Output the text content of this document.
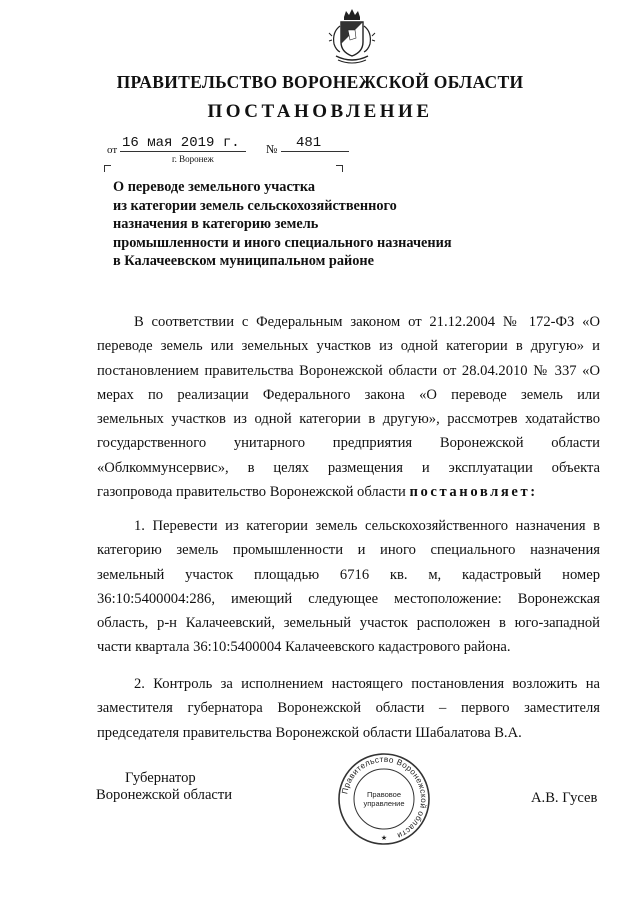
ПРАВИТЕЛЬСТВО ВОРОНЕЖСКОЙ ОБЛАСТИ
ПОСТАНОВЛЕНИЕ
от 16 мая 2019 г.
г. Воронеж
№ 481
О переводе земельного участка
из категории земель сельскохозяйственного
назначения в категорию земель
промышленности и иного специального назначения
в Калачеевском муниципальном районе
В соответствии с Федеральным законом от 21.12.2004 № 172-ФЗ «О
переводе земель или земельных участков из одной категории в другую» и
постановлением правительства Воронежской области от 28.04.2010 № 337 «О
мерах по реализации Федерального закона «О переводе земель или
земельных участков из одной категории в другую», рассмотрев ходатайство
государственного унитарного предприятия Воронежской области
«Облкоммунсервис», в целях размещения и эксплуатации объекта
газопровода правительство Воронежской области постановляет:
1. Перевести из категории земель сельскохозяйственного назначения в
категорию земель промышленности и иного специального назначения
земельный участок площадью 6716 кв. м, кадастровый номер
36:10:5400004:286, имеющий следующее местоположение: Воронежская
область, р-н Калачеевский, земельный участок расположен в юго-западной
части квартала 36:10:5400004 Калачеевского кадастрового района.
2. Контроль за исполнением настоящего постановления возложить на
заместителя губернатора Воронежской области – первого заместителя
председателя правительства Воронежской области Шабалатова В.А.
Губернатор
Воронежской области	Правительство Воронежской области
Правовое
управление
★
А.В. Гусев
